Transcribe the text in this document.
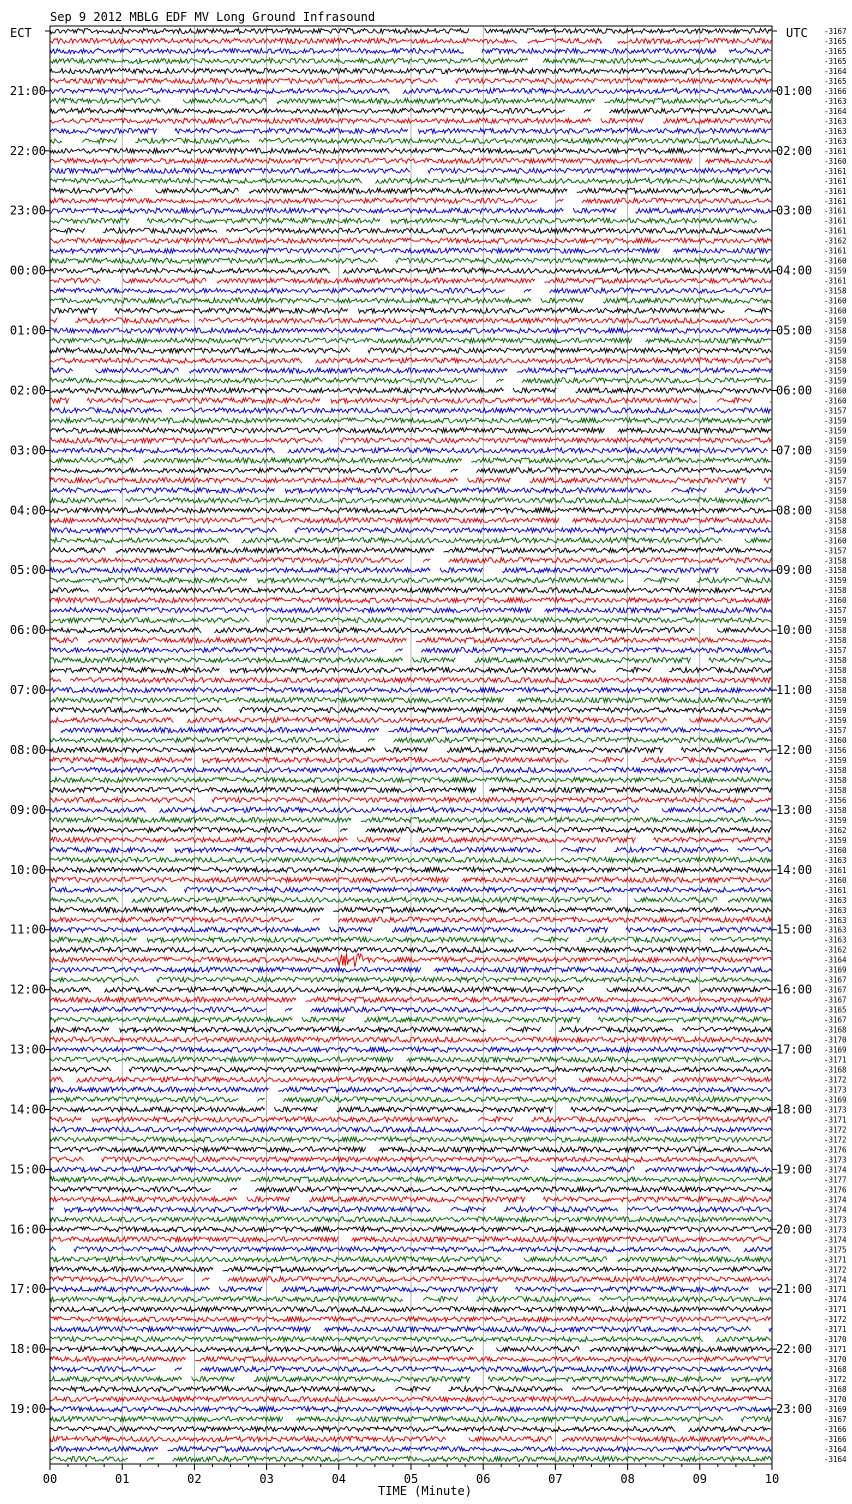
Sep 9 2012 MBLG EDF MV Long Ground Infrasound
ECT	UTC
TIME (Minute)
00	01	02	03	04	05	06	07	08	09	10
-3167
-3165
-3165
-3165
-3164
-3165
-3166
-3163
-3164
-3163
-3163
-3163
-3161
-3160
-3161
-3161
-3161
-3161
-3161
-3161
-3161
-3162
-3161
-3160
-3159
-3161
-3158
-3160
-3160
-3159
-3158
-3159
-3159
-3158
-3159
-3159
-3160
-3160
-3157
-3159
-3159
-3159
-3159
-3159
-3159
-3157
-3159
-3158
-3158
-3158
-3158
-3160
-3157
-3158
-3158
-3159
-3158
-3160
-3157
-3159
-3158
-3158
-3157
-3158
-3158
-3158
-3158
-3159
-3159
-3159
-3157
-3160
-3156
-3159
-3158
-3158
-3158
-3156
-3158
-3159
-3162
-3159
-3160
-3163
-3161
-3160
-3161
-3163
-3163
-3163
-3163
-3163
-3162
-3164
-3169
-3167
-3167
-3167
-3165
-3167
-3168
-3170
-3169
-3171
-3168
-3172
-3173
-3169
-3173
-3171
-3172
-3172
-3176
-3173
-3174
-3177
-3176
-3174
-3174
-3173
-3173
-3174
-3175
-3171
-3172
-3174
-3171
-3174
-3171
-3172
-3171
-3170
-3171
-3170
-3168
-3172
-3168
-3170
-3169
-3167
-3166
-3166
-3164
-3164
21:00
22:00
23:00
00:00
01:00
02:00
03:00
04:00
05:00
06:00
07:00
08:00
09:00
10:00
11:00
12:00
13:00
14:00
15:00
16:00
17:00
18:00
19:00
01:00
02:00
03:00
04:00
05:00
06:00
07:00
08:00
09:00
10:00
11:00
12:00
13:00
14:00
15:00
16:00
17:00
18:00
19:00
20:00
21:00
22:00
23:00
